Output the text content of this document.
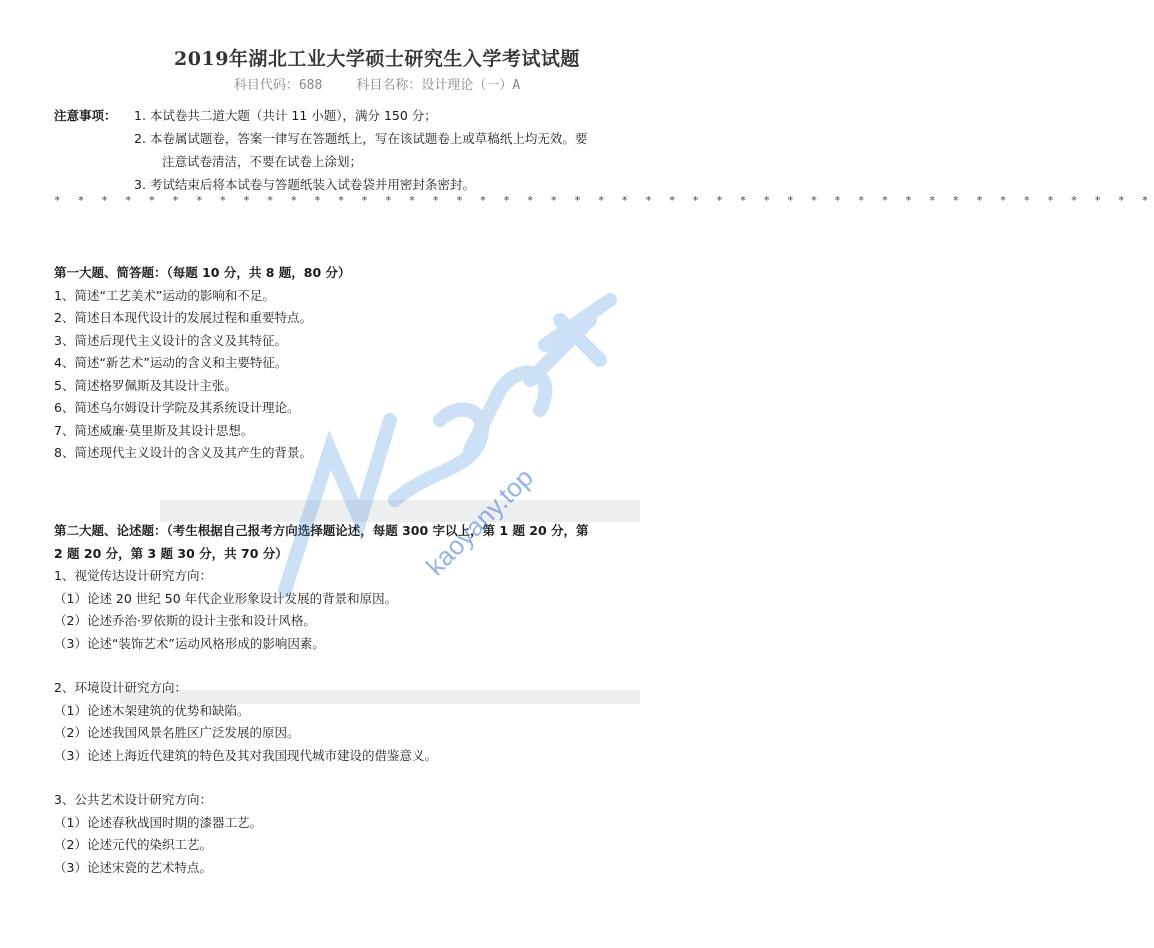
2019年湖北工业大学硕士研究生入学考试试题
科目代码：688	科目名称：设计理论（一）A
注意事项： 1. 本试卷共二道大题（共计 11 小题），满分 150 分；
2. 本卷属试题卷，答案一律写在答题纸上，写在该试题卷上或草稿纸上均无效。要
注意试卷清洁，不要在试卷上涂划；
3. 考试结束后将本试卷与答题纸装入试卷袋并用密封条密封。
* * * * * * * * * * * * * * * * * * * * * * * * * * * * * * * * * * * * * * * * * * * * * * *
第一大题、简答题：（每题 10 分，共 8 题，80 分）
1、简述“工艺美术”运动的影响和不足。
2、简述日本现代设计的发展过程和重要特点。
3、简述后现代主义设计的含义及其特征。
4、简述“新艺术”运动的含义和主要特征。
5、简述格罗佩斯及其设计主张。
6、简述乌尔姆设计学院及其系统设计理论。
7、简述威廉·莫里斯及其设计思想。
8、简述现代主义设计的含义及其产生的背景。
第二大题、论述题：（考生根据自己报考方向选择题论述，每题 300 字以上，第 1 题 20 分，第
2 题 20 分，第 3 题 30 分，共 70 分）
1、视觉传达设计研究方向：
（1）论述 20 世纪 50 年代企业形象设计发展的背景和原因。
（2）论述乔治·罗依斯的设计主张和设计风格。
（3）论述“装饰艺术”运动风格形成的影响因素。
2、环境设计研究方向：
（1）论述木架建筑的优势和缺陷。
（2）论述我国风景名胜区广泛发展的原因。
（3）论述上海近代建筑的特色及其对我国现代城市建设的借鉴意义。
3、公共艺术设计研究方向：
（1）论述春秋战国时期的漆器工艺。
（2）论述元代的染织工艺。
（3）论述宋瓷的艺术特点。
kaoyany.top
